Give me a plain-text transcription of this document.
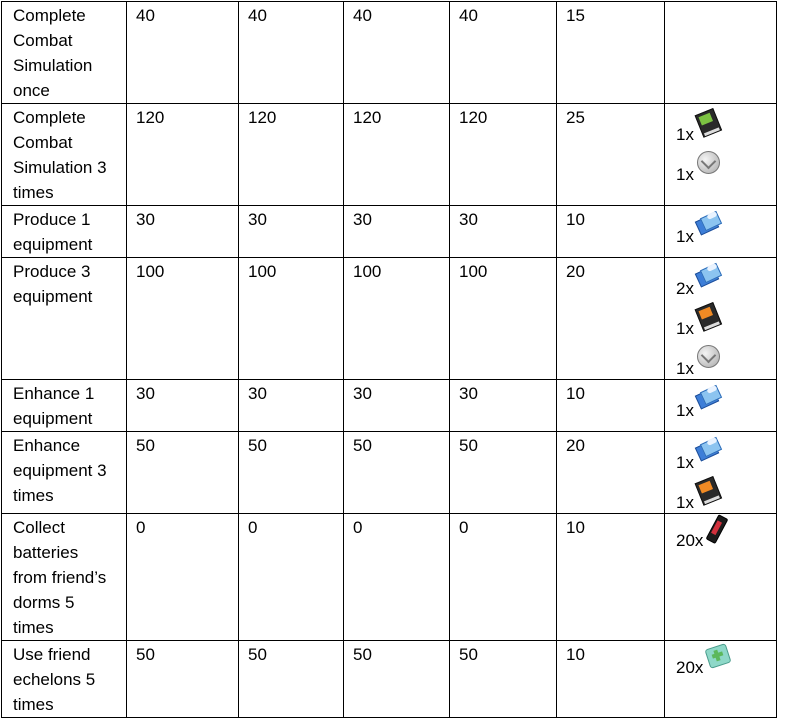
Complete Combat Simulation once	40	40	40	40	15	
Complete Combat Simulation 3 times	120	120	120	120	25	1x
1x

Produce 1 equipment	30	30	30	30	10	1x

Produce 3 equipment	100	100	100	100	20	2x
1x
1x

Enhance 1 equipment	30	30	30	30	10	1x

Enhance equipment 3 times	50	50	50	50	20	1x
1x

Collect batteries from friend’s dorms 5 times	0	0	0	0	10	20x

Use friend echelons 5 times	50	50	50	50	10	20x
